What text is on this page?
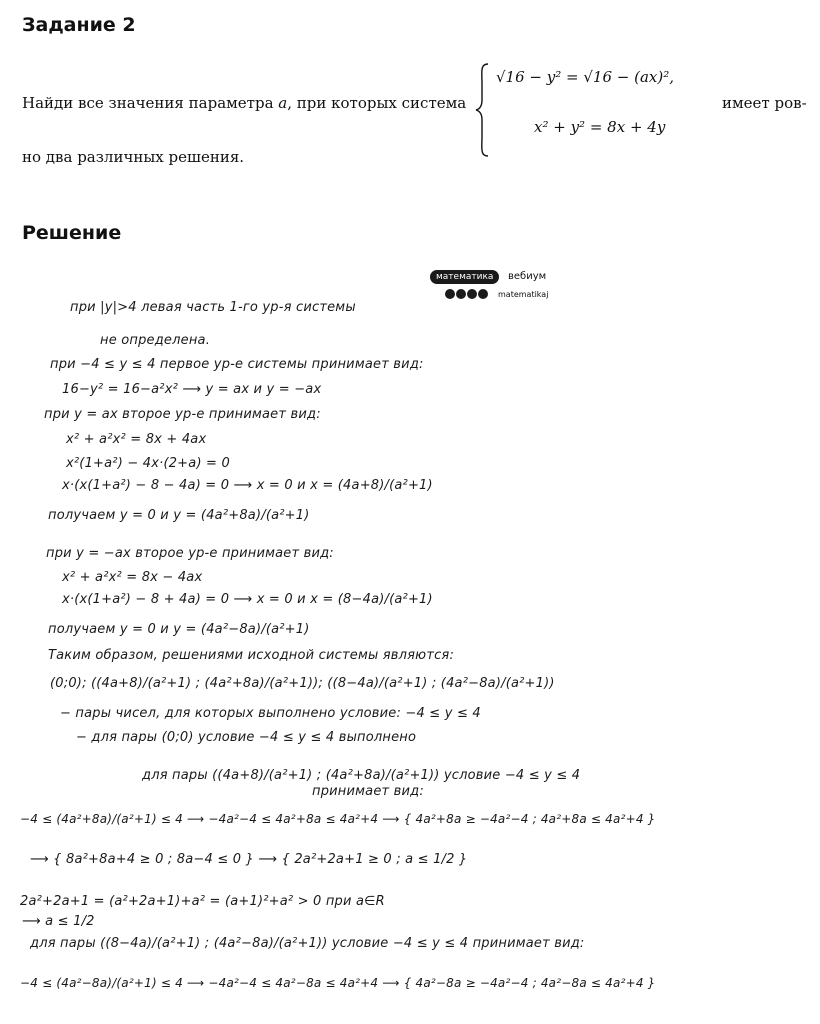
Задание 2
Найди все значения параметра a, при которых система
√16 − y² = √16 − (ax)²,
x² + y² = 8x + 4y
имеет ров-
но два различных решения.
Решение
математика	вебиум
matematikaj
при |y|>4 левая часть 1-го ур-я системы
не определена.
при −4 ≤ y ≤ 4 первое ур-е системы принимает вид:
16−y² = 16−a²x² ⟶ y = ax и y = −ax
при y = ax второе ур-е принимает вид:
x² + a²x² = 8x + 4ax
x²(1+a²) − 4x·(2+a) = 0
x·(x(1+a²) − 8 − 4a) = 0 ⟶ x = 0 и x = (4a+8)/(a²+1)
получаем y = 0 и y = (4a²+8a)/(a²+1)
при y = −ax второе ур-е принимает вид:
x² + a²x² = 8x − 4ax
x·(x(1+a²) − 8 + 4a) = 0 ⟶ x = 0 и x = (8−4a)/(a²+1)
получаем y = 0 и y = (4a²−8a)/(a²+1)
Таким образом, решениями исходной системы являются:
(0;0); ((4a+8)/(a²+1) ; (4a²+8a)/(a²+1)); ((8−4a)/(a²+1) ; (4a²−8a)/(a²+1))
− пары чисел, для которых выполнено условие: −4 ≤ y ≤ 4
− для пары (0;0) условие −4 ≤ y ≤ 4 выполнено
для пары ((4a+8)/(a²+1) ; (4a²+8a)/(a²+1)) условие −4 ≤ y ≤ 4
принимает вид:
−4 ≤ (4a²+8a)/(a²+1) ≤ 4 ⟶ −4a²−4 ≤ 4a²+8a ≤ 4a²+4 ⟶ { 4a²+8a ≥ −4a²−4 ; 4a²+8a ≤ 4a²+4 }
⟶ { 8a²+8a+4 ≥ 0 ; 8a−4 ≤ 0 } ⟶ { 2a²+2a+1 ≥ 0 ; a ≤ 1/2 }
2a²+2a+1 = (a²+2a+1)+a² = (a+1)²+a² > 0 при a∈R
⟶ a ≤ 1/2
для пары ((8−4a)/(a²+1) ; (4a²−8a)/(a²+1)) условие −4 ≤ y ≤ 4 принимает вид:
−4 ≤ (4a²−8a)/(a²+1) ≤ 4 ⟶ −4a²−4 ≤ 4a²−8a ≤ 4a²+4 ⟶ { 4a²−8a ≥ −4a²−4 ; 4a²−8a ≤ 4a²+4 }
